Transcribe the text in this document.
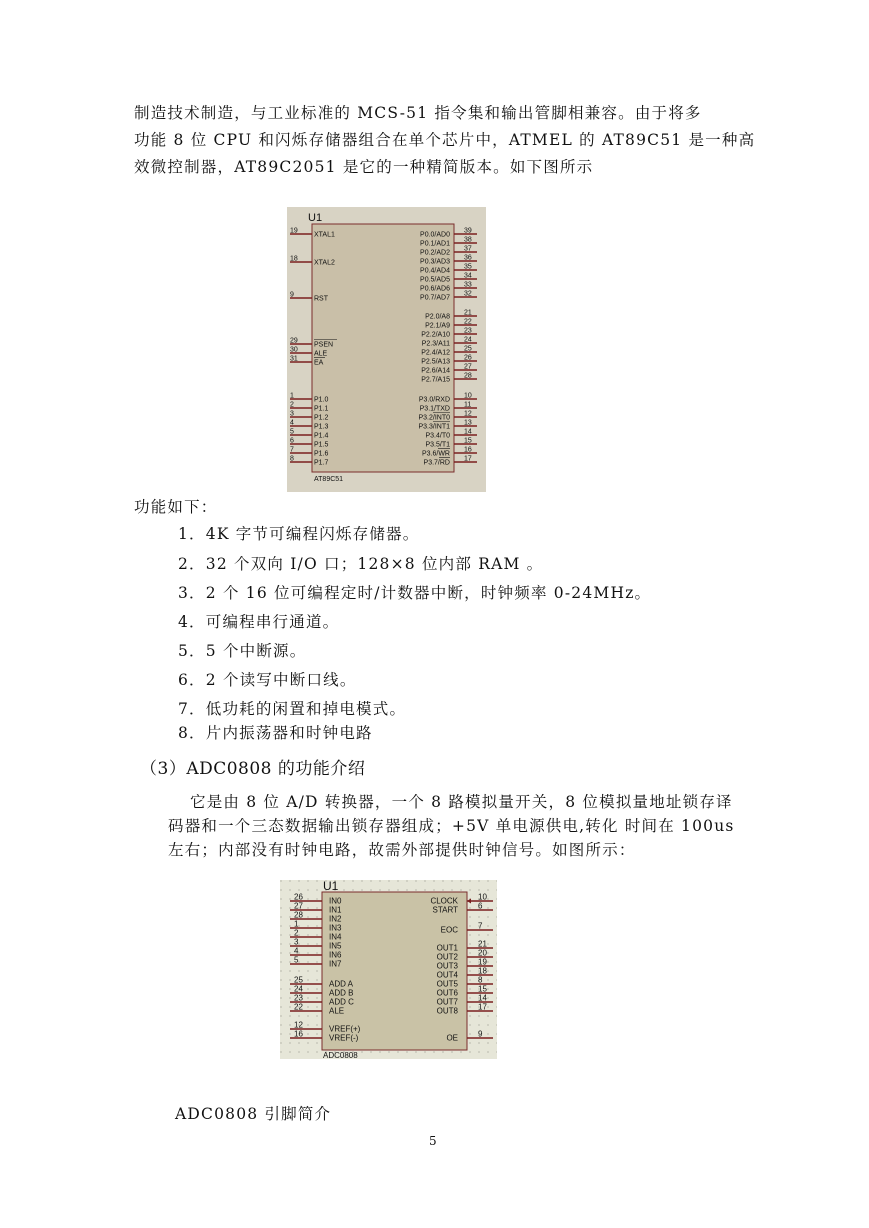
制造技术制造，与工业标准的 MCS-51 指令集和输出管脚相兼容。由于将多
功能 8 位 CPU 和闪烁存储器组合在单个芯片中，ATMEL 的 AT89C51 是一种高
效微控制器，AT89C2051 是它的一种精简版本。如下图所示
U1
AT89C51
19
XTAL1
18
XTAL2
9
RST
29
PSEN
30
ALE
31
EA
1
P1.0
2
P1.1
3
P1.2
4
P1.3
5
P1.4
6
P1.5
7
P1.6
8
P1.7
39
P0.0/AD0
38
P0.1/AD1
37
P0.2/AD2
36
P0.3/AD3
35
P0.4/AD4
34
P0.5/AD5
33
P0.6/AD6
32
P0.7/AD7
21
P2.0/A8
22
P2.1/A9
23
P2.2/A10
24
P2.3/A11
25
P2.4/A12
26
P2.5/A13
27
P2.6/A14
28
P2.7/A15
10
P3.0/RXD
11
P3.1/TXD
12
P3.2/INT0
13
P3.3/INT1
14
P3.4/T0
15
P3.5/T1
16
P3.6/WR
17
P3.7/RD
功能如下：
1．4K 字节可编程闪烁存储器。
2．32 个双向 I/O 口；128×8 位内部 RAM 。
3．2 个 16 位可编程定时/计数器中断，时钟频率 0-24MHz。
4．可编程串行通道。
5．5 个中断源。
6．2 个读写中断口线。
7．低功耗的闲置和掉电模式。
8．片内振荡器和时钟电路
（3）ADC0808 的功能介绍
它是由 8 位 A/D 转换器，一个 8 路模拟量开关，8 位模拟量地址锁存译
码器和一个三态数据输出锁存器组成；+5V 单电源供电,转化 时间在 100us
左右；内部没有时钟电路，故需外部提供时钟信号。如图所示：
U1
ADC0808
26	IN0
27	IN1
28	IN2
1	IN3
2	IN4
3	IN5
4	IN6
5	IN7
25	ADD A
24	ADD B
23	ADD C
22	ALE
12	VREF(+)
16	VREF(-)
10
CLOCK
6
START
7
EOC
21
OUT1
20
OUT2
19
OUT3
18
OUT4
8
OUT5
15
OUT6
14
OUT7
17
OUT8
9
OE
ADC0808 引脚简介
5
